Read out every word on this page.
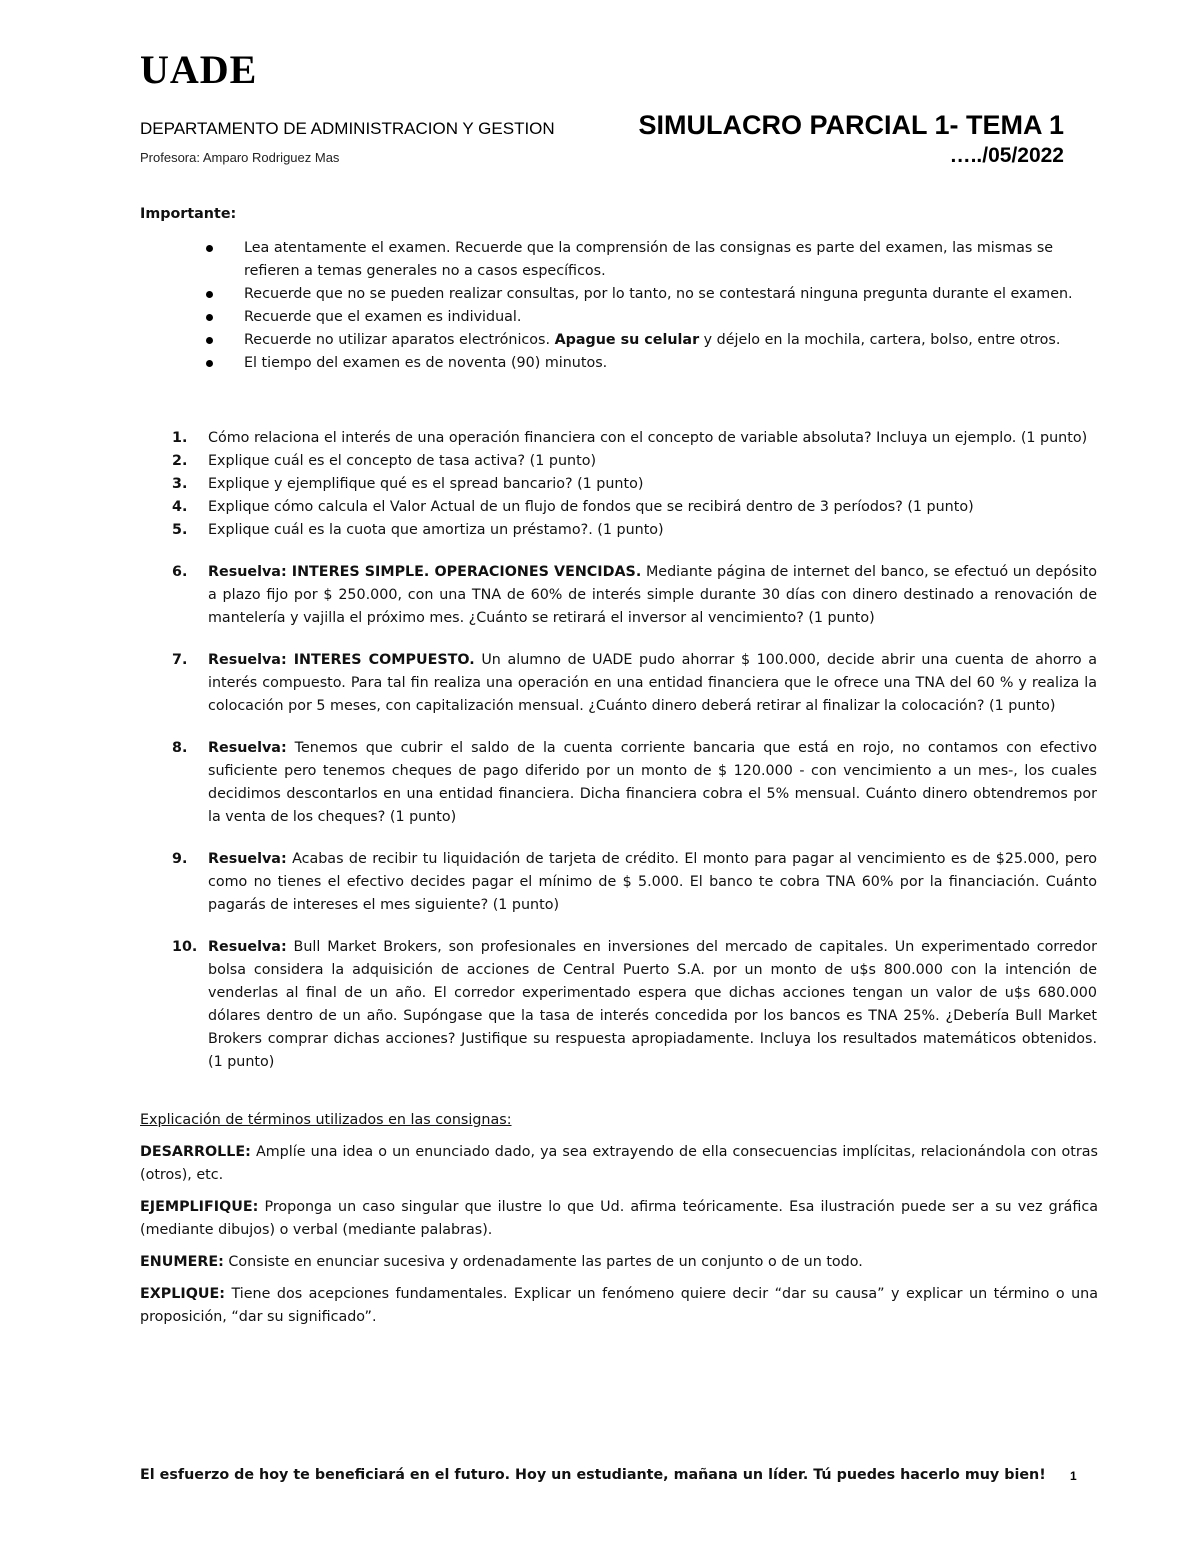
UADE
DEPARTAMENTO DE ADMINISTRACION Y GESTION	SIMULACRO PARCIAL 1- TEMA 1
Profesora: Amparo Rodriguez Mas	…../05/2022
Importante:
Lea atentamente el examen. Recuerde que la comprensión de las consignas es parte del examen, las mismas se refieren a temas generales no a casos específicos.
Recuerde que no se pueden realizar consultas, por lo tanto, no se contestará ninguna pregunta durante el examen.
Recuerde que el examen es individual.
Recuerde no utilizar aparatos electrónicos. Apague su celular y déjelo en la mochila, cartera, bolso, entre otros.
El tiempo del examen es de noventa (90) minutos.
1. Cómo relaciona el interés de una operación financiera con el concepto de variable absoluta? Incluya un ejemplo. (1 punto)
2. Explique cuál es el concepto de tasa activa? (1 punto)
3. Explique y ejemplifique qué es el spread bancario? (1 punto)
4. Explique cómo calcula el Valor Actual de un flujo de fondos que se recibirá dentro de 3 períodos? (1 punto)
5. Explique cuál es la cuota que amortiza un préstamo?. (1 punto)
6. Resuelva: INTERES SIMPLE. OPERACIONES VENCIDAS. Mediante página de internet del banco, se efectuó un depósito a plazo fijo por $ 250.000, con una TNA de 60% de interés simple durante 30 días con dinero destinado a renovación de mantelería y vajilla el próximo mes. ¿Cuánto se retirará el inversor al vencimiento? (1 punto)
7. Resuelva: INTERES COMPUESTO. Un alumno de UADE pudo ahorrar $ 100.000, decide abrir una cuenta de ahorro a interés compuesto. Para tal fin realiza una operación en una entidad financiera que le ofrece una TNA del 60 % y realiza la colocación por 5 meses, con capitalización mensual. ¿Cuánto dinero deberá retirar al finalizar la colocación? (1 punto)
8. Resuelva: Tenemos que cubrir el saldo de la cuenta corriente bancaria que está en rojo, no contamos con efectivo suficiente pero tenemos cheques de pago diferido por un monto de $ 120.000 - con vencimiento a un mes-, los cuales decidimos descontarlos en una entidad financiera. Dicha financiera cobra el 5% mensual. Cuánto dinero obtendremos por la venta de los cheques? (1 punto)
9. Resuelva: Acabas de recibir tu liquidación de tarjeta de crédito. El monto para pagar al vencimiento es de $25.000, pero como no tienes el efectivo decides pagar el mínimo de $ 5.000. El banco te cobra TNA 60% por la financiación. Cuánto pagarás de intereses el mes siguiente? (1 punto)
10. Resuelva: Bull Market Brokers, son profesionales en inversiones del mercado de capitales. Un experimentado corredor bolsa considera la adquisición de acciones de Central Puerto S.A. por un monto de u$s 800.000 con la intención de venderlas al final de un año. El corredor experimentado espera que dichas acciones tengan un valor de u$s 680.000 dólares dentro de un año. Supóngase que la tasa de interés concedida por los bancos es TNA 25%. ¿Debería Bull Market Brokers comprar dichas acciones? Justifique su respuesta apropiadamente. Incluya los resultados matemáticos obtenidos. (1 punto)
Explicación de términos utilizados en las consignas:
DESARROLLE: Amplíe una idea o un enunciado dado, ya sea extrayendo de ella consecuencias implícitas, relacionándola con otras (otros), etc.
EJEMPLIFIQUE: Proponga un caso singular que ilustre lo que Ud. afirma teóricamente. Esa ilustración puede ser a su vez gráfica (mediante dibujos) o verbal (mediante palabras).
ENUMERE: Consiste en enunciar sucesiva y ordenadamente las partes de un conjunto o de un todo.
EXPLIQUE: Tiene dos acepciones fundamentales. Explicar un fenómeno quiere decir “dar su causa” y explicar un término o una proposición, “dar su significado”.
El esfuerzo de hoy te beneficiará en el futuro. Hoy un estudiante, mañana un líder. Tú puedes hacerlo muy bien! 1
